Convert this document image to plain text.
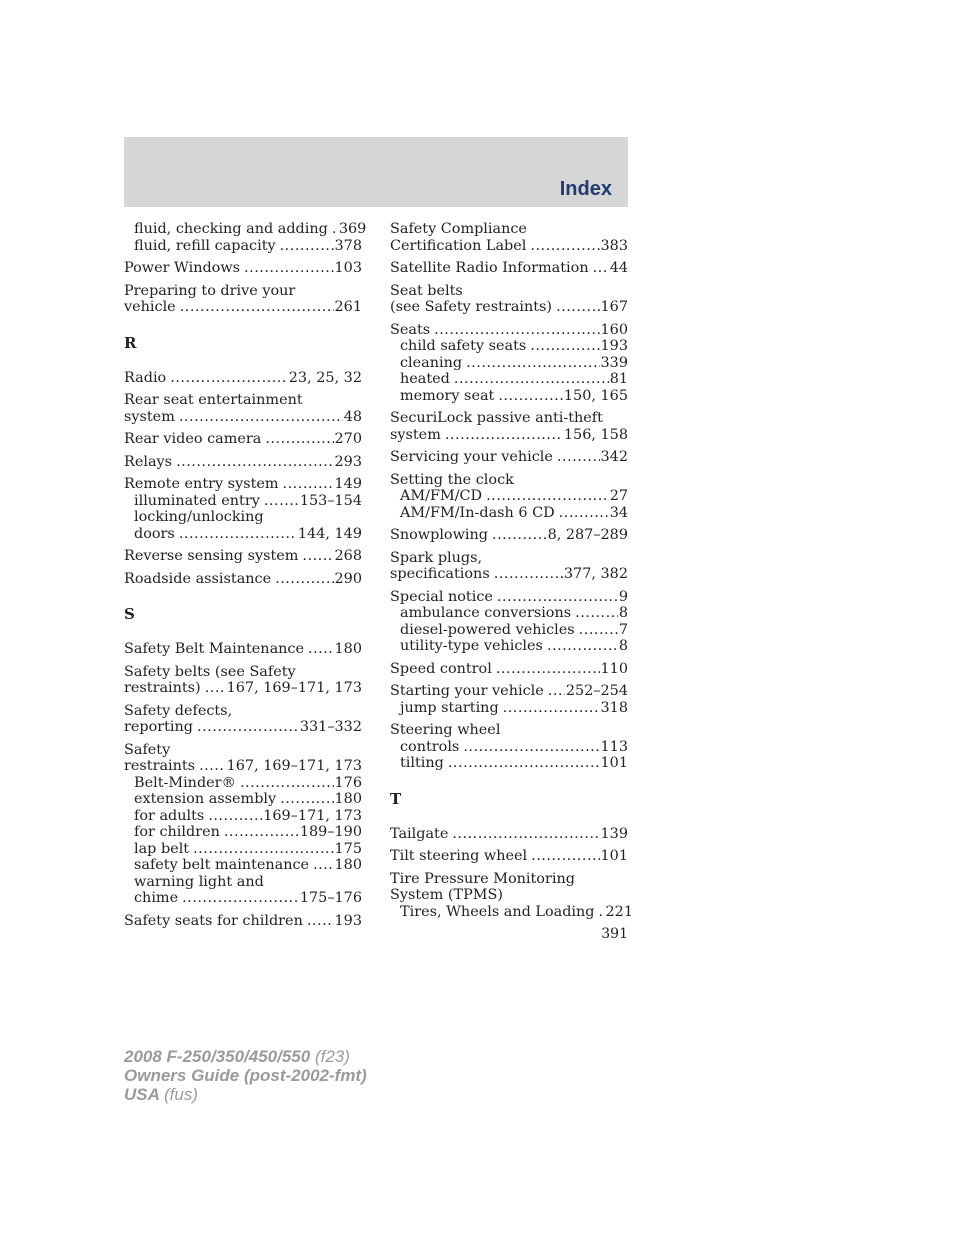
Index
fluid, checking and adding ..... 369
fluid, refill capacity .....	378
Power Windows .....	103
Preparing to drive your
vehicle .....	261
R
Radio .....	23, 25, 32
Rear seat entertainment
system .....	48
Rear video camera .....	270
Relays .....	293
Remote entry system .....	149
illuminated entry .....	153–154
locking/unlocking
doors .....	144, 149
Reverse sensing system .....	268
Roadside assistance .....	290
S
Safety Belt Maintenance ..... 180
Safety belts (see Safety
restraints) ..... 167, 169–171, 173
Safety defects,
reporting .....	331–332
Safety
restraints ..... 167, 169–171, 173
Belt-Minder® .....	176
extension assembly .....	180
for adults .....	169–171, 173
for children .....	189–190
lap belt .....	175
safety belt maintenance ..... 180
warning light and
chime .....	175–176
Safety seats for children ..... 193
Safety Compliance
Certification Label .....	383
Satellite Radio Information ..... 44
Seat belts
(see Safety restraints) .....	167
Seats .....	160
child safety seats .....	193
cleaning .....	339
heated .....	81
memory seat .....	150, 165
SecuriLock passive anti-theft
system .....	156, 158
Servicing your vehicle .....	342
Setting the clock
AM/FM/CD .....	27
AM/FM/In-dash 6 CD .....	34
Snowplowing .....	8, 287–289
Spark plugs,
specifications .....	377, 382
Special notice .....	9
ambulance conversions .....	8
diesel-powered vehicles .....	7
utility-type vehicles .....	8
Speed control .....	110
Starting your vehicle ..... 252–254
jump starting .....	318
Steering wheel
controls .....	113
tilting .....	101
T
Tailgate .....	139
Tilt steering wheel .....	101
Tire Pressure Monitoring
System (TPMS)
Tires, Wheels and Loading ..... 221
391
2008 F-250/350/450/550 (f23)
Owners Guide (post-2002-fmt)
USA (fus)
